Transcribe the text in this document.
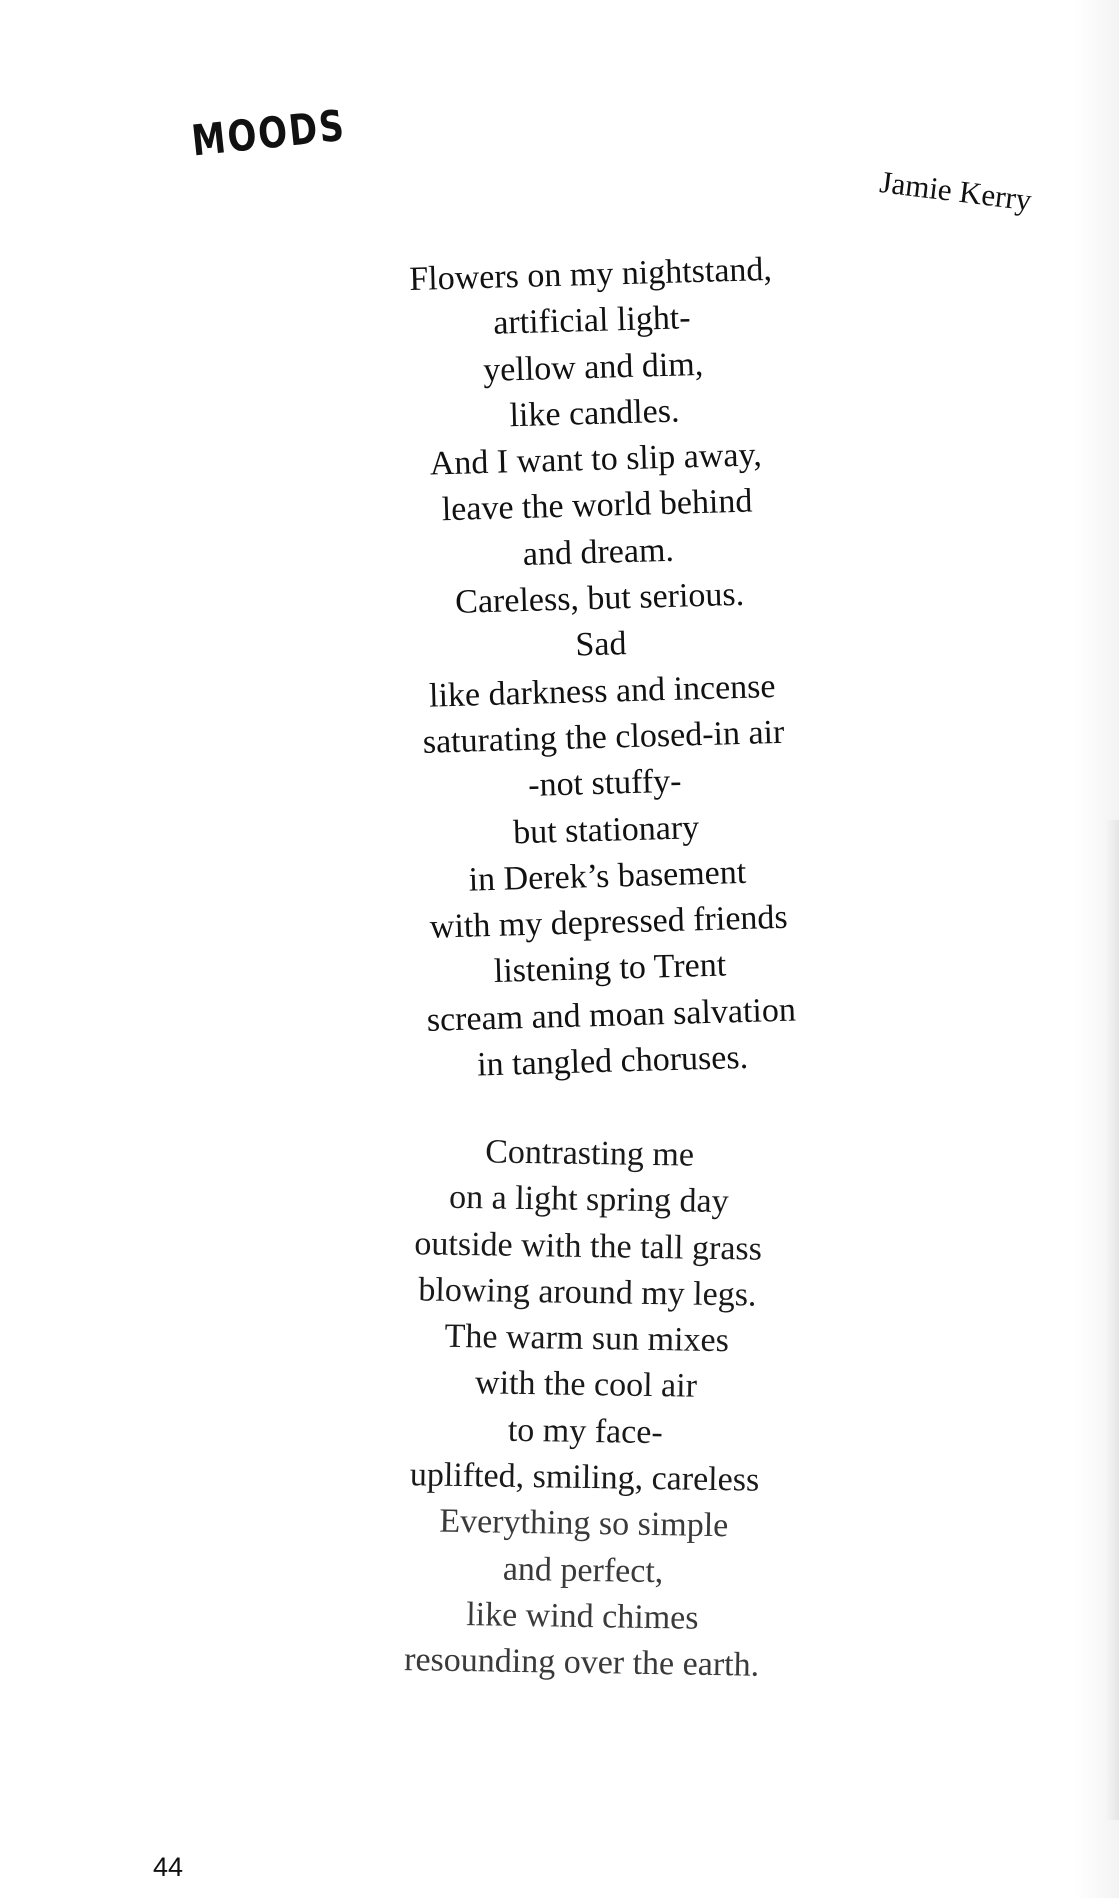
MOODS
Jamie Kerry
Flowers on my nightstand,
artificial light-
yellow and dim,
like candles.
And I want to slip away,
leave the world behind
and dream.
Careless, but serious.
Sad
like darkness and incense
saturating the closed-in air
-not stuffy-
but stationary
in Derek’s basement
with my depressed friends
listening to Trent
scream and moan salvation
in tangled choruses.
Contrasting me
on a light spring day
outside with the tall grass
blowing around my legs.
The warm sun mixes
with the cool air
to my face-
uplifted, smiling, careless
Everything so simple
and perfect,
like wind chimes
resounding over the earth.
44
